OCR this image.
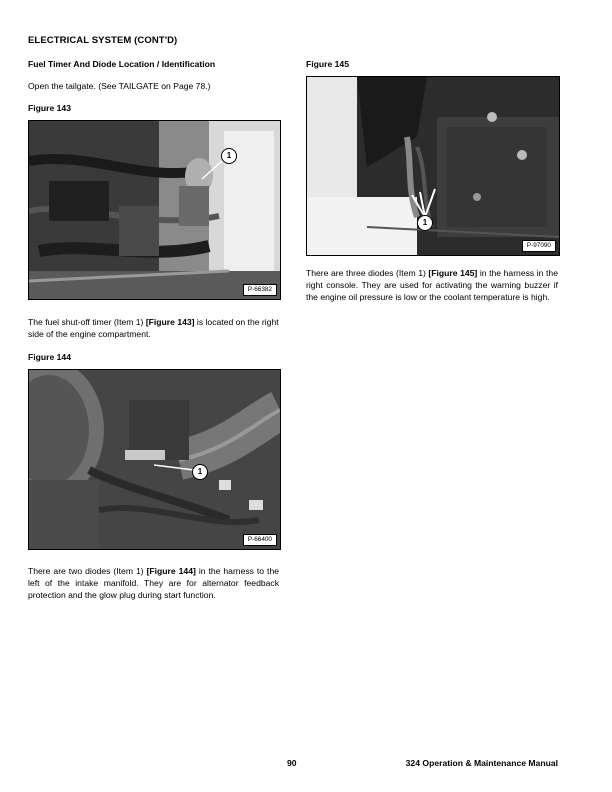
ELECTRICAL SYSTEM (CONT'D)
Fuel Timer And Diode Location / Identification
Open the tailgate. (See TAILGATE on Page 78.)
Figure 143
1
P-66382
The fuel shut-off timer (Item 1) [Figure 143] is located on the right side of the engine compartment.
Figure 144
1
P-66400
There are two diodes (Item 1) [Figure 144] in the harness to the left of the intake manifold. They are for alternator feedback protection and the glow plug during start function.
Figure 145
1
P-97090
There are three diodes (Item 1) [Figure 145] in the harness in the right console. They are used for activating the warning buzzer if the engine oil pressure is low or the coolant temperature is high.
90	324 Operation & Maintenance Manual
